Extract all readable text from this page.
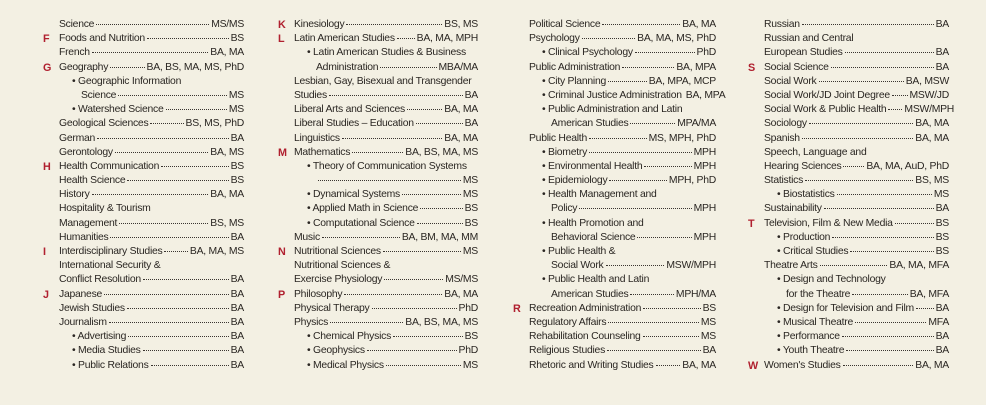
Science	MS/MS
F Foods and Nutrition	BS
French	BA, MA
G Geography	BA, BS, MA, MS, PhD
• Geographic Information
Science	MS
• Watershed Science	MS
Geological Sciences	BS, MS, PhD
German	BA
Gerontology	BA, MS
H Health Communication	BS
Health Science	BS
History	BA, MA
Hospitality & Tourism
Management	BS, MS
Humanities	BA
I Interdisciplinary Studies	BA, MA, MS
International Security &
Conflict Resolution	BA
J Japanese	BA
Jewish Studies	BA
Journalism	BA
• Advertising	BA
• Media Studies	BA
• Public Relations	BA
K Kinesiology	BS, MS
L Latin American Studies BA, MA, MPH
• Latin American Studies & Business
Administration	MBA/MA
Lesbian, Gay, Bisexual and Transgender
Studies	BA
Liberal Arts and Sciences	BA, MA
Liberal Studies – Education	BA
Linguistics	BA, MA
M Mathematics	BA, BS, MA, MS
• Theory of Communication Systems
MS
• Dynamical Systems	MS
• Applied Math in Science	BS
• Computational Science	BS
Music	BA, BM, MA, MM
N Nutritional Sciences	MS
Nutritional Sciences &
Exercise Physiology	MS/MS
P Philosophy	BA, MA
Physical Therapy	PhD
Physics	BA, BS, MA, MS
• Chemical Physics	BS
• Geophysics	PhD
• Medical Physics	MS
Political Science	BA, MA
Psychology	BA, MA, MS, PhD
• Clinical Psychology	PhD
Public Administration	BA, MPA
• City Planning	BA, MPA, MCP
• Criminal Justice Administration BA, MPA
• Public Administration and Latin
American Studies	MPA/MA
Public Health	MS, MPH, PhD
• Biometry	MPH
• Environmental Health	MPH
• Epidemiology	MPH, PhD
• Health Management and
Policy	MPH
• Health Promotion and
Behavioral Science	MPH
• Public Health &
Social Work	MSW/MPH
• Public Health and Latin
American Studies	MPH/MA
R Recreation Administration	BS
Regulatory Affairs	MS
Rehabilitation Counseling	MS
Religious Studies	BA
Rhetoric and Writing Studies	BA, MA
Russian	BA
Russian and Central
European Studies	BA
S Social Science	BA
Social Work	BA, MSW
Social Work/JD Joint Degree MSW/JD
Social Work & Public Health MSW/MPH
Sociology	BA, MA
Spanish	BA, MA
Speech, Language and
Hearing Sciences BA, MA, AuD, PhD
Statistics	BS, MS
• Biostatistics	MS
Sustainability	BA
T Television, Film & New Media	BS
• Production	BS
• Critical Studies	BS
Theatre Arts	BA, MA, MFA
• Design and Technology
for the Theatre	BA, MFA
• Design for Television and Film BA
• Musical Theatre	MFA
• Performance	BA
• Youth Theatre	BA
W Women's Studies	BA, MA
